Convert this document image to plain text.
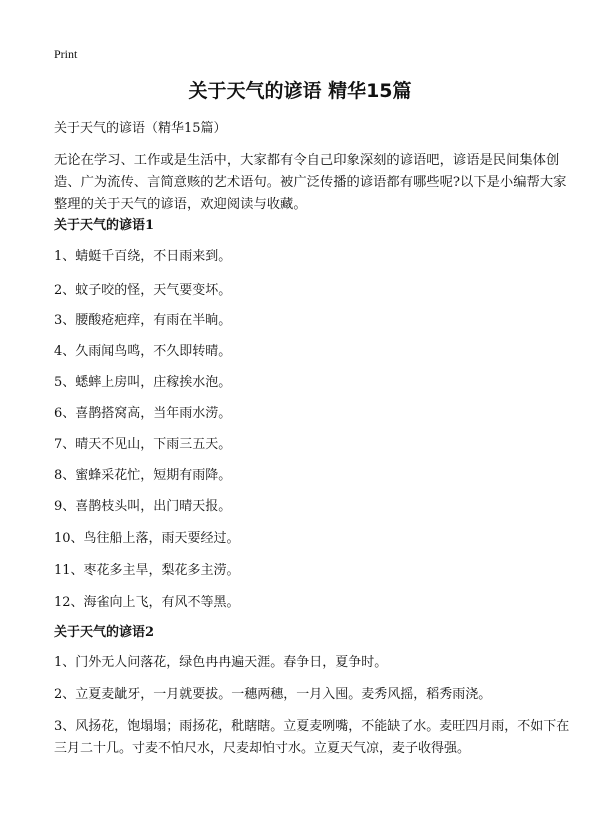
Print
关于天气的谚语 精华15篇
关于天气的谚语（精华15篇）
无论在学习、工作或是生活中，大家都有令自己印象深刻的谚语吧，谚语是民间集体创造、广为流传、言简意赅的艺术语句。被广泛传播的谚语都有哪些呢?以下是小编帮大家整理的关于天气的谚语，欢迎阅读与收藏。
关于天气的谚语1
1、蜻蜓千百绕，不日雨来到。
2、蚊子咬的怪，天气要变坏。
3、腰酸疮疤痒，有雨在半晌。
4、久雨闻鸟鸣，不久即转晴。
5、蟋蟀上房叫，庄稼挨水泡。
6、喜鹊搭窝高，当年雨水涝。
7、晴天不见山，下雨三五天。
8、蜜蜂采花忙，短期有雨降。
9、喜鹊枝头叫，出门晴天报。
10、鸟往船上落，雨天要经过。
11、枣花多主旱，梨花多主涝。
12、海雀向上飞，有风不等黑。
关于天气的谚语2
1、门外无人问落花，绿色冉冉遍天涯。春争日，夏争时。
2、立夏麦龇牙，一月就要拔。一穗两穗，一月入囤。麦秀风摇，稻秀雨浇。
3、风扬花，饱塌塌；雨扬花，秕瞎瞎。立夏麦咧嘴，不能缺了水。麦旺四月雨，不如下在三月二十几。寸麦不怕尺水，尺麦却怕寸水。立夏天气凉，麦子收得强。
